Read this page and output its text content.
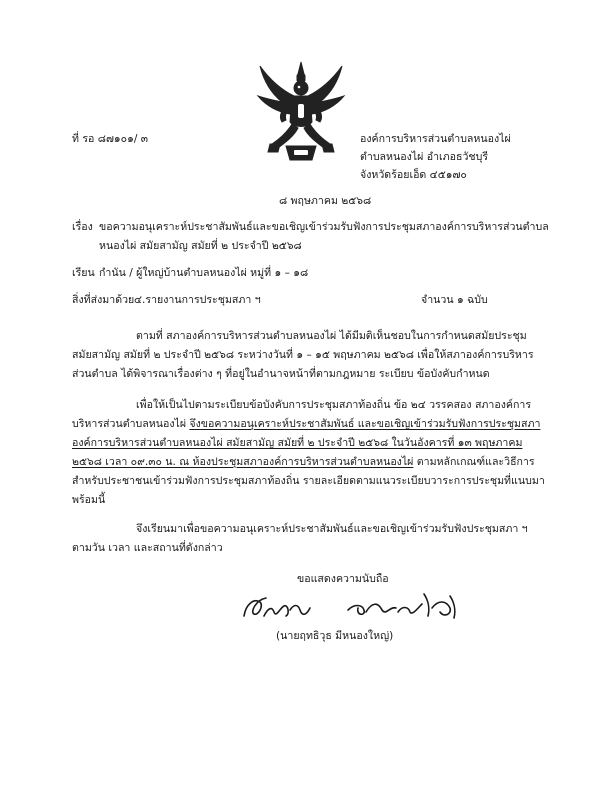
ที่ รอ ๘๗๑๐๑/ ๓	องค์การบริหารส่วนตำบลหนองไผ่
ตำบลหนองไผ่ อำเภอธวัชบุรี
จังหวัดร้อยเอ็ด ๔๕๑๗๐
๘ พฤษภาคม ๒๕๖๘
เรื่อง ขอความอนุเคราะห์ประชาสัมพันธ์และขอเชิญเข้าร่วมรับฟังการประชุมสภาองค์การบริหารส่วนตำบล
หนองไผ่ สมัยสามัญ สมัยที่ ๒ ประจำปี ๒๕๖๘
เรียน กำนัน / ผู้ใหญ่บ้านตำบลหนองไผ่ หมู่ที่ ๑ – ๑๘
สิ่งที่ส่งมาด้วย ๔.รายงานการประชุมสภา ฯ	จำนวน ๑ ฉบับ
ตามที่ สภาองค์การบริหารส่วนตำบลหนองไผ่ ได้มีมติเห็นชอบในการกำหนดสมัยประชุม
สมัยสามัญ สมัยที่ ๒ ประจำปี ๒๕๖๘ ระหว่างวันที่ ๑ – ๑๕ พฤษภาคม ๒๕๖๘ เพื่อให้สภาองค์การบริหาร
ส่วนตำบล ได้พิจารณาเรื่องต่าง ๆ ที่อยู่ในอำนาจหน้าที่ตามกฎหมาย ระเบียบ ข้อบังคับกำหนด
เพื่อให้เป็นไปตามระเบียบข้อบังคับการประชุมสภาท้องถิ่น ข้อ ๒๔ วรรคสอง สภาองค์การ
บริหารส่วนตำบลหนองไผ่ จึงขอความอนุเคราะห์ประชาสัมพันธ์ และขอเชิญเข้าร่วมรับฟังการประชุมสภา
องค์การบริหารส่วนตำบลหนองไผ่ สมัยสามัญ สมัยที่ ๒ ประจำปี ๒๕๖๘ ในวันอังคารที่ ๑๓ พฤษภาคม
๒๕๖๘ เวลา ๐๙.๓๐ น. ณ ห้องประชุมสภาองค์การบริหารส่วนตำบลหนองไผ่ ตามหลักเกณฑ์และวิธีการ
สำหรับประชาชนเข้าร่วมฟังการประชุมสภาท้องถิ่น รายละเอียดตามแนวระเบียบวาระการประชุมที่แนบมา
พร้อมนี้
จึงเรียนมาเพื่อขอความอนุเคราะห์ประชาสัมพันธ์และขอเชิญเข้าร่วมรับฟังประชุมสภา ฯ
ตามวัน เวลา และสถานที่ดังกล่าว
ขอแสดงความนับถือ
(นายฤทธิวุธ มีหนองใหญ่)
